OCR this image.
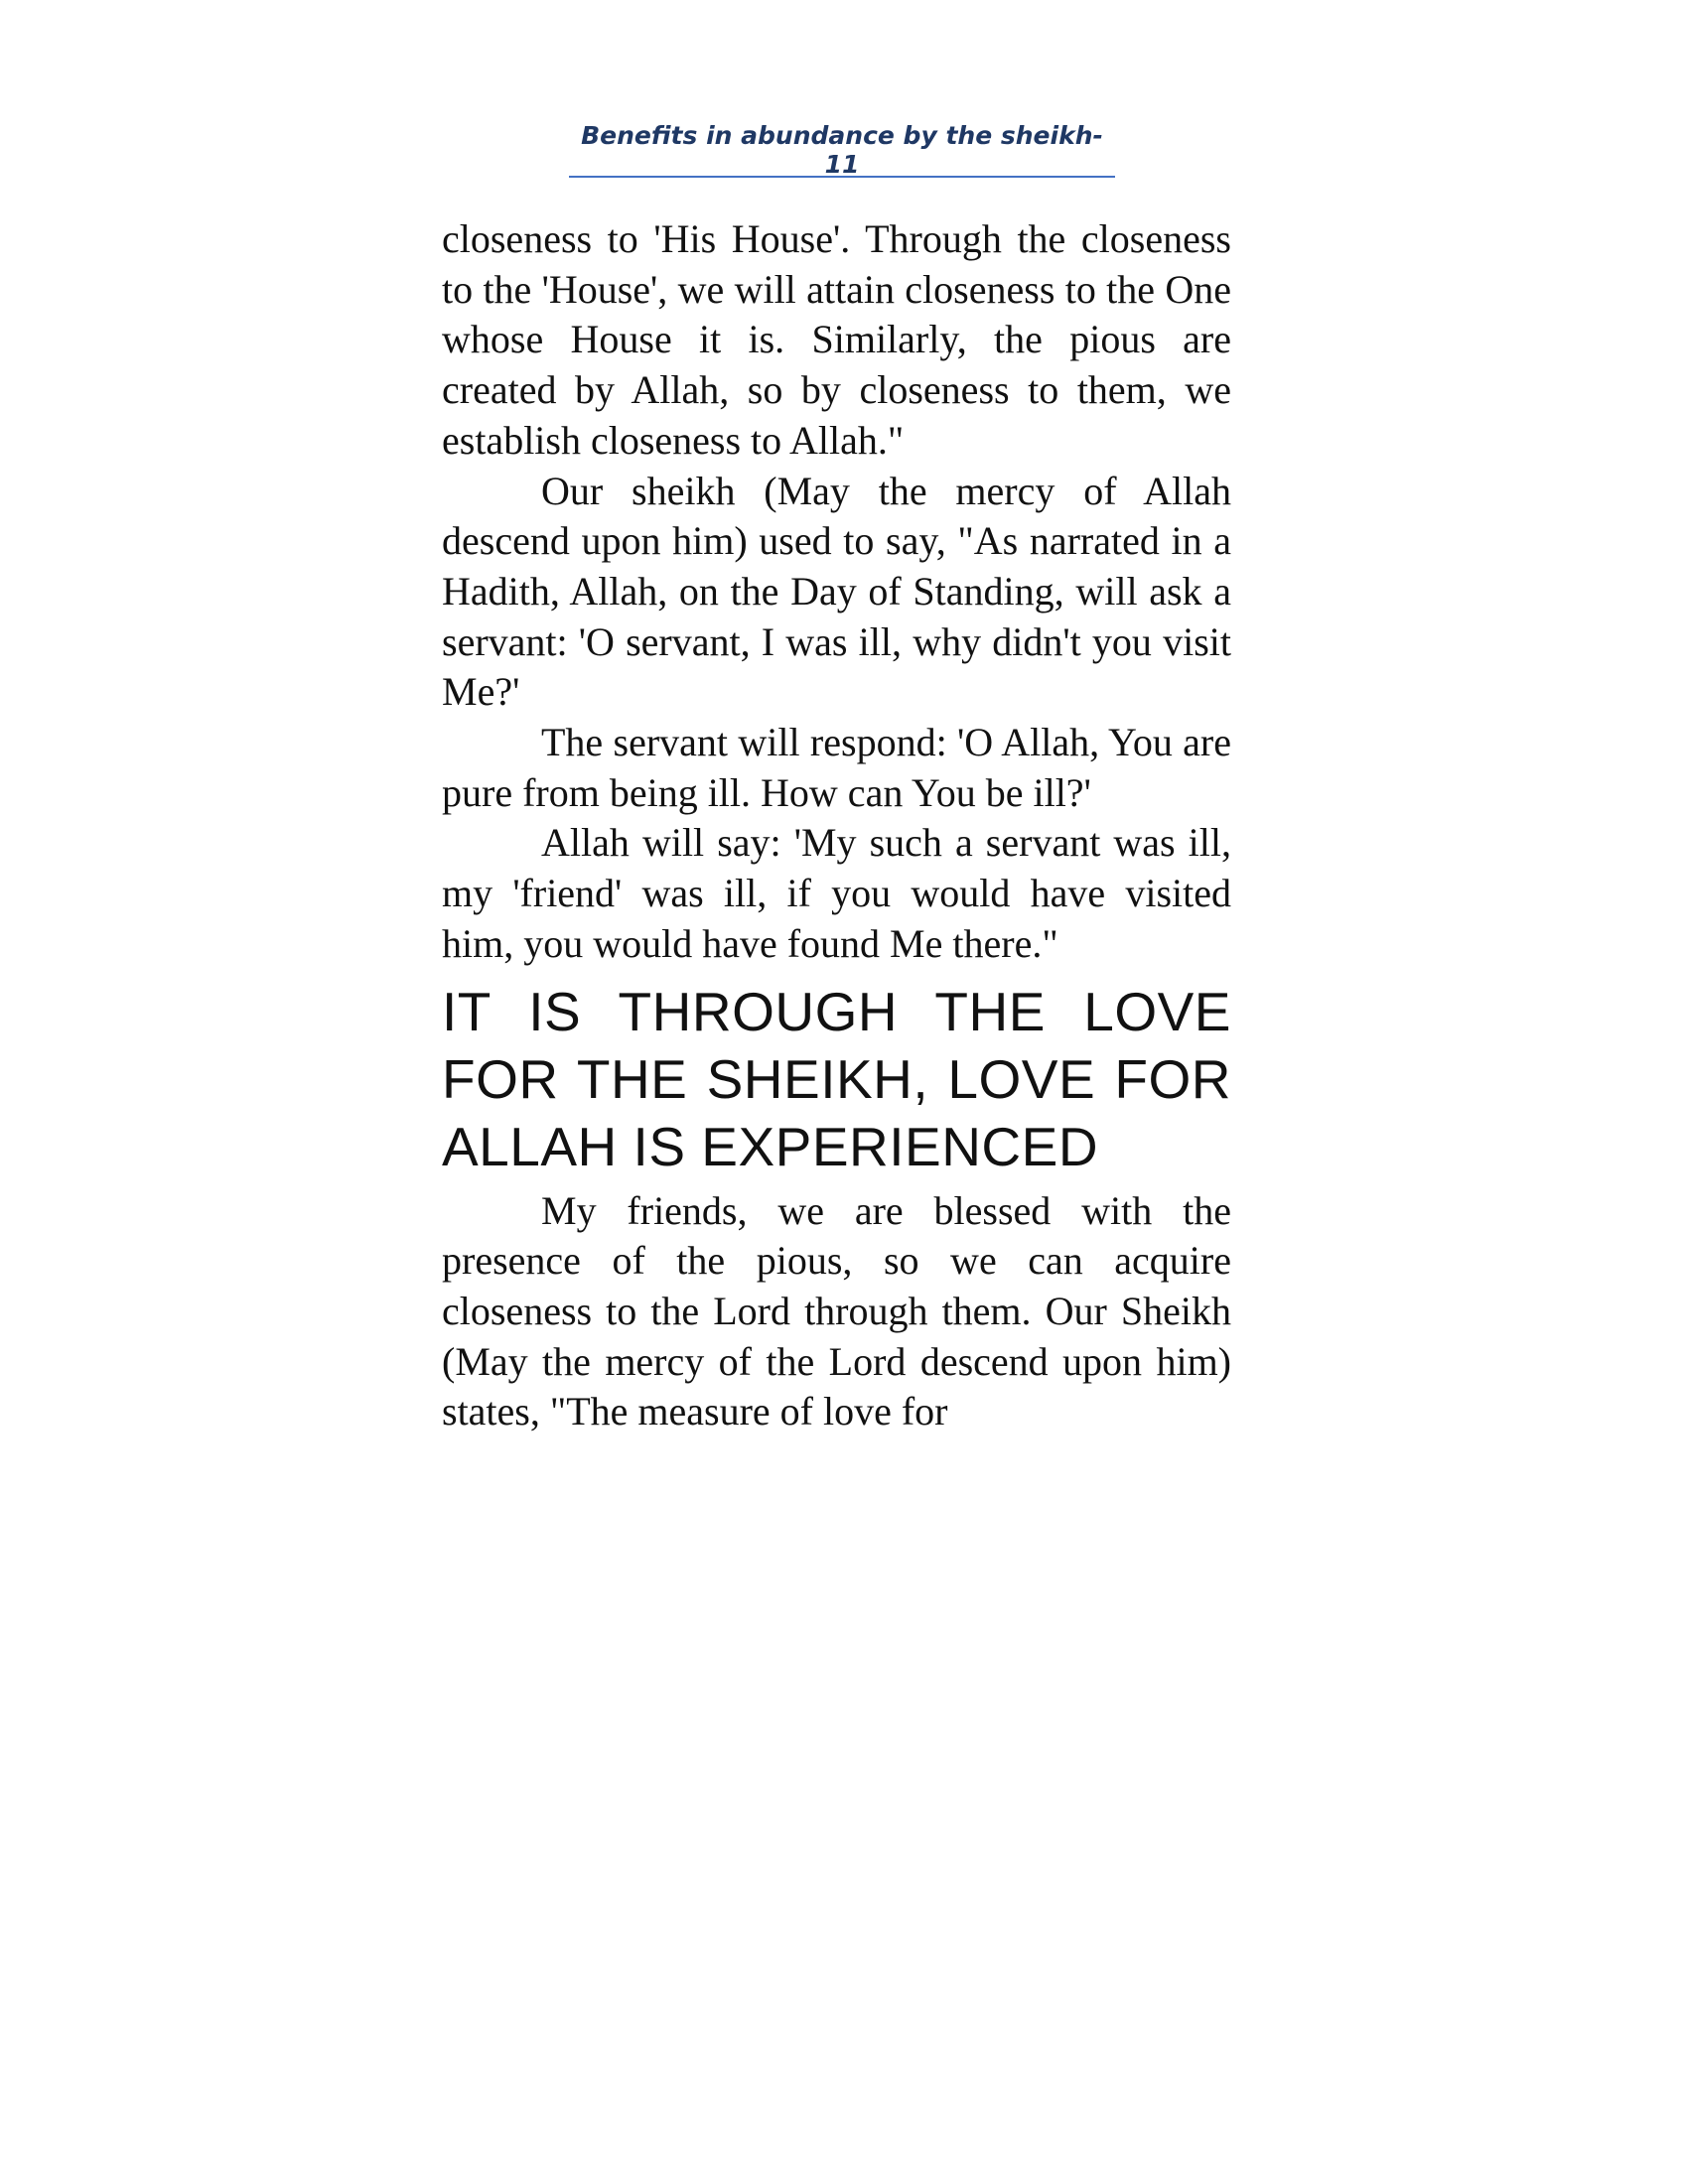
Benefits in abundance by the sheikh-11

closeness to 'His House'. Through the closeness to the 'House', we will attain closeness to the One whose House it is. Similarly, the pious are created by Allah, so by closeness to them, we establish closeness to Allah."

Our sheikh (May the mercy of Allah descend upon him) used to say, "As narrated in a Hadith, Allah, on the Day of Standing, will ask a servant: 'O servant, I was ill, why didn't you visit Me?'

The servant will respond: 'O Allah, You are pure from being ill. How can You be ill?'

Allah will say: 'My such a servant was ill, my 'friend' was ill, if you would have visited him, you would have found Me there."

IT IS THROUGH THE LOVE FOR THE SHEIKH, LOVE FOR ALLAH IS EXPERIENCED

My friends, we are blessed with the presence of the pious, so we can acquire closeness to the Lord through them. Our Sheikh (May the mercy of the Lord descend upon him) states, "The measure of love for
